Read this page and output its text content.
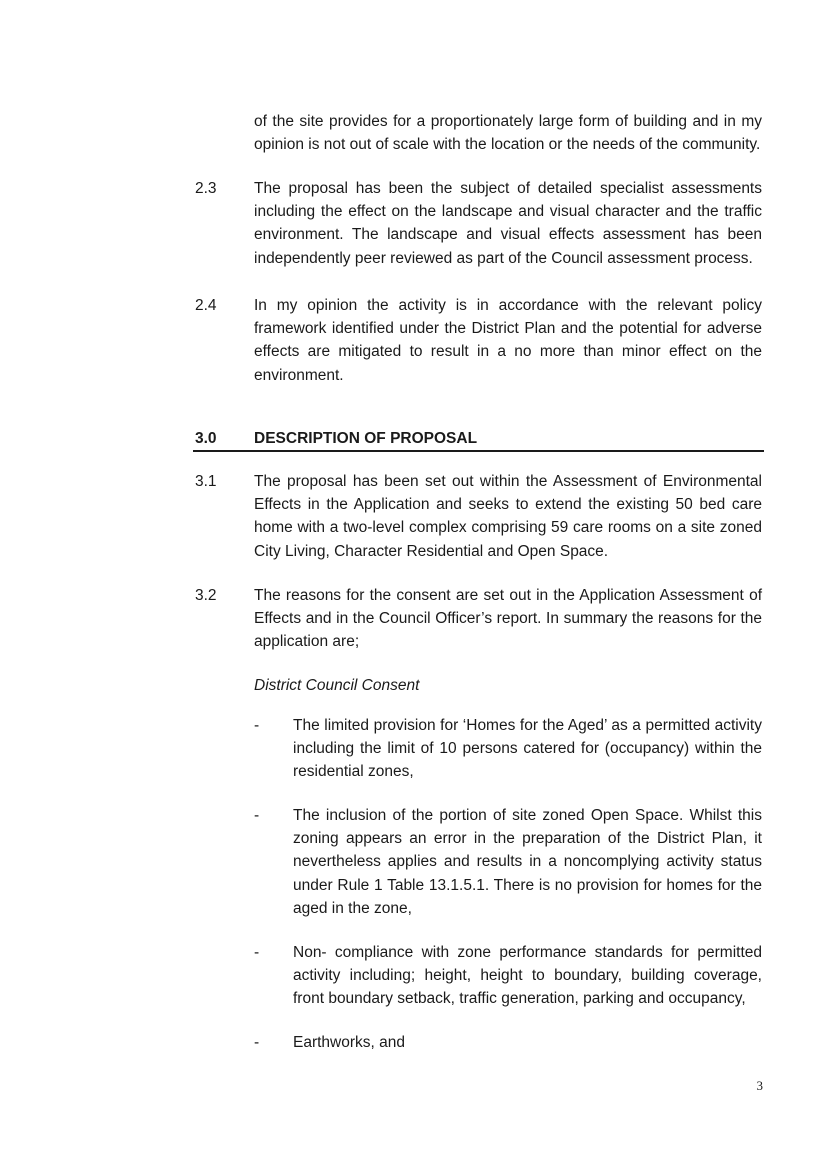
of the site provides for a proportionately large form of building and in my opinion is not out of scale with the location or the needs of the community.
2.3 The proposal has been the subject of detailed specialist assessments including the effect on the landscape and visual character and the traffic environment. The landscape and visual effects assessment has been independently peer reviewed as part of the Council assessment process.
2.4 In my opinion the activity is in accordance with the relevant policy framework identified under the District Plan and the potential for adverse effects are mitigated to result in a no more than minor effect on the environment.
3.0 DESCRIPTION OF PROPOSAL
3.1 The proposal has been set out within the Assessment of Environmental Effects in the Application and seeks to extend the existing 50 bed care home with a two-level complex comprising 59 care rooms on a site zoned City Living, Character Residential and Open Space.
3.2 The reasons for the consent are set out in the Application Assessment of Effects and in the Council Officer’s report. In summary the reasons for the application are;
District Council Consent
- The limited provision for ‘Homes for the Aged’ as a permitted activity including the limit of 10 persons catered for (occupancy) within the residential zones,
- The inclusion of the portion of site zoned Open Space. Whilst this zoning appears an error in the preparation of the District Plan, it nevertheless applies and results in a noncomplying activity status under Rule 1 Table 13.1.5.1. There is no provision for homes for the aged in the zone,
- Non- compliance with zone performance standards for permitted activity including; height, height to boundary, building coverage, front boundary setback, traffic generation, parking and occupancy,
- Earthworks, and
3
